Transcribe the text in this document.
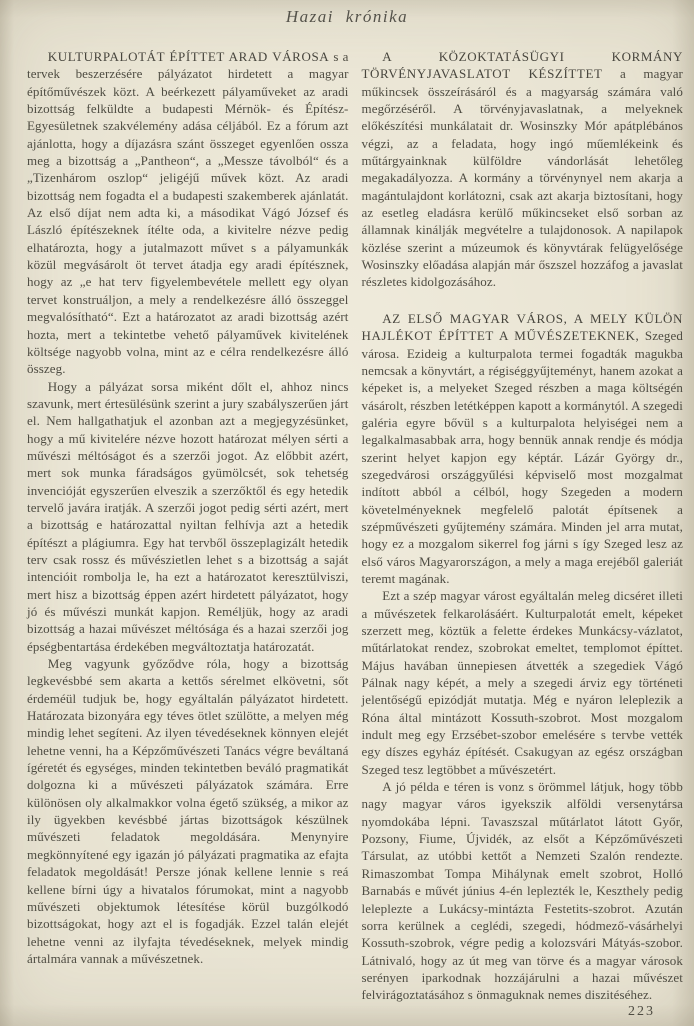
Hazai krónika

KULTURPALOTÁT ÉPÍTTET ARAD VÁROSA s a tervek beszerzésére pályázatot hirdetett a magyar építőművészek közt. A beérkezett pályaműveket az aradi bizottság felküldte a budapesti Mérnök- és Építész-Egyesületnek szakvélemény adása céljából. Ez a fórum azt ajánlotta, hogy a díjazásra szánt összeget egyenlően ossza meg a bizottság a „Pantheon“, a „Messze távolból“ és a „Tizenhárom oszlop“ jeligéjű művek közt. Az aradi bizottság nem fogadta el a budapesti szakemberek ajánlatát. Az első díjat nem adta ki, a másodikat Vágó József és László építészeknek ítélte oda, a kivitelre nézve pedig elhatározta, hogy a jutalmazott művet s a pályamunkák közül megvásárolt öt tervet átadja egy aradi építésznek, hogy az „e hat terv figyelembevétele mellett egy olyan tervet konstruáljon, a mely a rendelkezésre álló összeggel megvalósítható“. Ezt a határozatot az aradi bizottság azért hozta, mert a tekintetbe vehető pályaművek kivitelének költsége nagyobb volna, mint az e célra rendelkezésre álló összeg.

Hogy a pályázat sorsa miként dőlt el, ahhoz nincs szavunk, mert értesülésünk szerint a jury szabályszerűen járt el. Nem hallgathatjuk el azonban azt a megjegyzésünket, hogy a mű kivitelére nézve hozott határozat mélyen sérti a művészi méltóságot és a szerzői jogot. Az előbbit azért, mert sok munka fáradságos gyümölcsét, sok tehetség invencióját egyszerűen elveszik a szerzőktől és egy hetedik tervelő javára iratják. A szerzői jogot pedig sérti azért, mert a bizottság e határozattal nyiltan felhívja azt a hetedik építészt a plágiumra. Egy hat tervből összeplagizált hetedik terv csak rossz és művészietlen lehet s a bizottság a saját intencióit rombolja le, ha ezt a határozatot keresztülviszi, mert hisz a bizottság éppen azért hirdetett pályázatot, hogy jó és művészi munkát kapjon. Reméljük, hogy az aradi bizottság a hazai művészet méltósága és a hazai szerzői jog épségbentartása érdekében megváltoztatja határozatát.

Meg vagyunk győződve róla, hogy a bizottság legkevésbbé sem akarta a kettős sérelmet elkövetni, sőt érdeméül tudjuk be, hogy egyáltalán pályázatot hirdetett. Határozata bizonyára egy téves ötlet szülötte, a melyen még mindig lehet segíteni. Az ilyen tévedéseknek könnyen elejét lehetne venni, ha a Képzőművészeti Tanács végre beváltaná ígéretét és egységes, minden tekintetben beváló pragmatikát dolgozna ki a művészeti pályázatok számára. Erre különösen oly alkalmakkor volna égető szükség, a mikor az ily ügyekben kevésbbé jártas bizottságok készülnek művészeti feladatok megoldására. Menynyire megkönnyítené egy igazán jó pályázati pragmatika az efajta feladatok megoldását! Persze jónak kellene lennie s reá kellene bírni úgy a hivatalos fórumokat, mint a nagyobb művészeti objektumok létesítése körül buzgólkodó bizottságokat, hogy azt el is fogadják. Ezzel talán elejét lehetne venni az ilyfajta tévedéseknek, melyek mindig ártalmára vannak a művészetnek.

A KÖZOKTATÁSÜGYI KORMÁNY TÖRVÉNYJAVASLATOT KÉSZÍTTET a magyar műkincsek összeírásáról és a magyarság számára való megőrzéséről. A törvényjavaslatnak, a melyeknek előkészítési munkálatait dr. Wosinszky Mór apátplébános végzi, az a feladata, hogy ingó műemlékeink és műtárgyainknak külföldre vándorlását lehetőleg megakadályozza. A kormány a törvénynyel nem akarja a magántulajdont korlátozni, csak azt akarja biztosítani, hogy az esetleg eladásra kerülő műkincseket első sorban az államnak kinálják megvételre a tulajdonosok. A napilapok közlése szerint a múzeumok és könyvtárak felügyelősége Wosinszky előadása alapján már őszszel hozzáfog a javaslat részletes kidolgozásához.

AZ ELSŐ MAGYAR VÁROS, A MELY KÜLÖN HAJLÉKOT ÉPÍTTET A MŰVÉSZETEKNEK, Szeged városa. Ezideig a kulturpalota termei fogadták magukba nemcsak a könyvtárt, a régiséggyűjteményt, hanem azokat a képeket is, a melyeket Szeged részben a maga költségén vásárolt, részben letétképpen kapott a kormánytól. A szegedi galéria egyre bővül s a kulturpalota helyiségei nem a legalkalmasabbak arra, hogy bennük annak rendje és módja szerint helyet kapjon egy képtár. Lázár György dr., szegedvárosi országgyűlési képviselő most mozgalmat indított abból a célból, hogy Szegeden a modern követelményeknek megfelelő palotát építsenek a szépművészeti gyűjtemény számára. Minden jel arra mutat, hogy ez a mozgalom sikerrel fog járni s így Szeged lesz az első város Magyarországon, a mely a maga erejéből galeriát teremt magának.

Ezt a szép magyar várost egyáltalán meleg dicséret illeti a művészetek felkarolásáért. Kulturpalotát emelt, képeket szerzett meg, köztük a felette érdekes Munkácsy-vázlatot, műtárlatokat rendez, szobrokat emeltet, templomot építtet. Május havában ünnepiesen átvették a szegediek Vágó Pálnak nagy képét, a mely a szegedi árviz egy történeti jelentőségű epizódját mutatja. Még e nyáron leleplezik a Róna által mintázott Kossuth-szobrot. Most mozgalom indult meg egy Erzsébet-szobor emelésére s tervbe vették egy díszes egyház építését. Csakugyan az egész országban Szeged tesz legtöbbet a művészetért.

A jó példa e téren is vonz s örömmel látjuk, hogy több nagy magyar város igyekszik alföldi versenytársa nyomdokába lépni. Tavaszszal műtárlatot látott Győr, Pozsony, Fiume, Újvidék, az elsőt a Képzőművészeti Társulat, az utóbbi kettőt a Nemzeti Szalón rendezte. Rimaszombat Tompa Mihálynak emelt szobrot, Holló Barnabás e művét június 4-én leplezték le, Keszthely pedig leleplezte a Lukácsy-mintázta Festetits-szobrot. Azután sorra kerülnek a ceglédi, szegedi, hódmező-vásárhelyi Kossuth-szobrok, végre pedig a kolozsvári Mátyás-szobor. Látnivaló, hogy az út meg van törve és a magyar városok serényen iparkodnak hozzájárulni a hazai művészet felvirágoztatásához s önmaguknak nemes diszitéséhez.

223
